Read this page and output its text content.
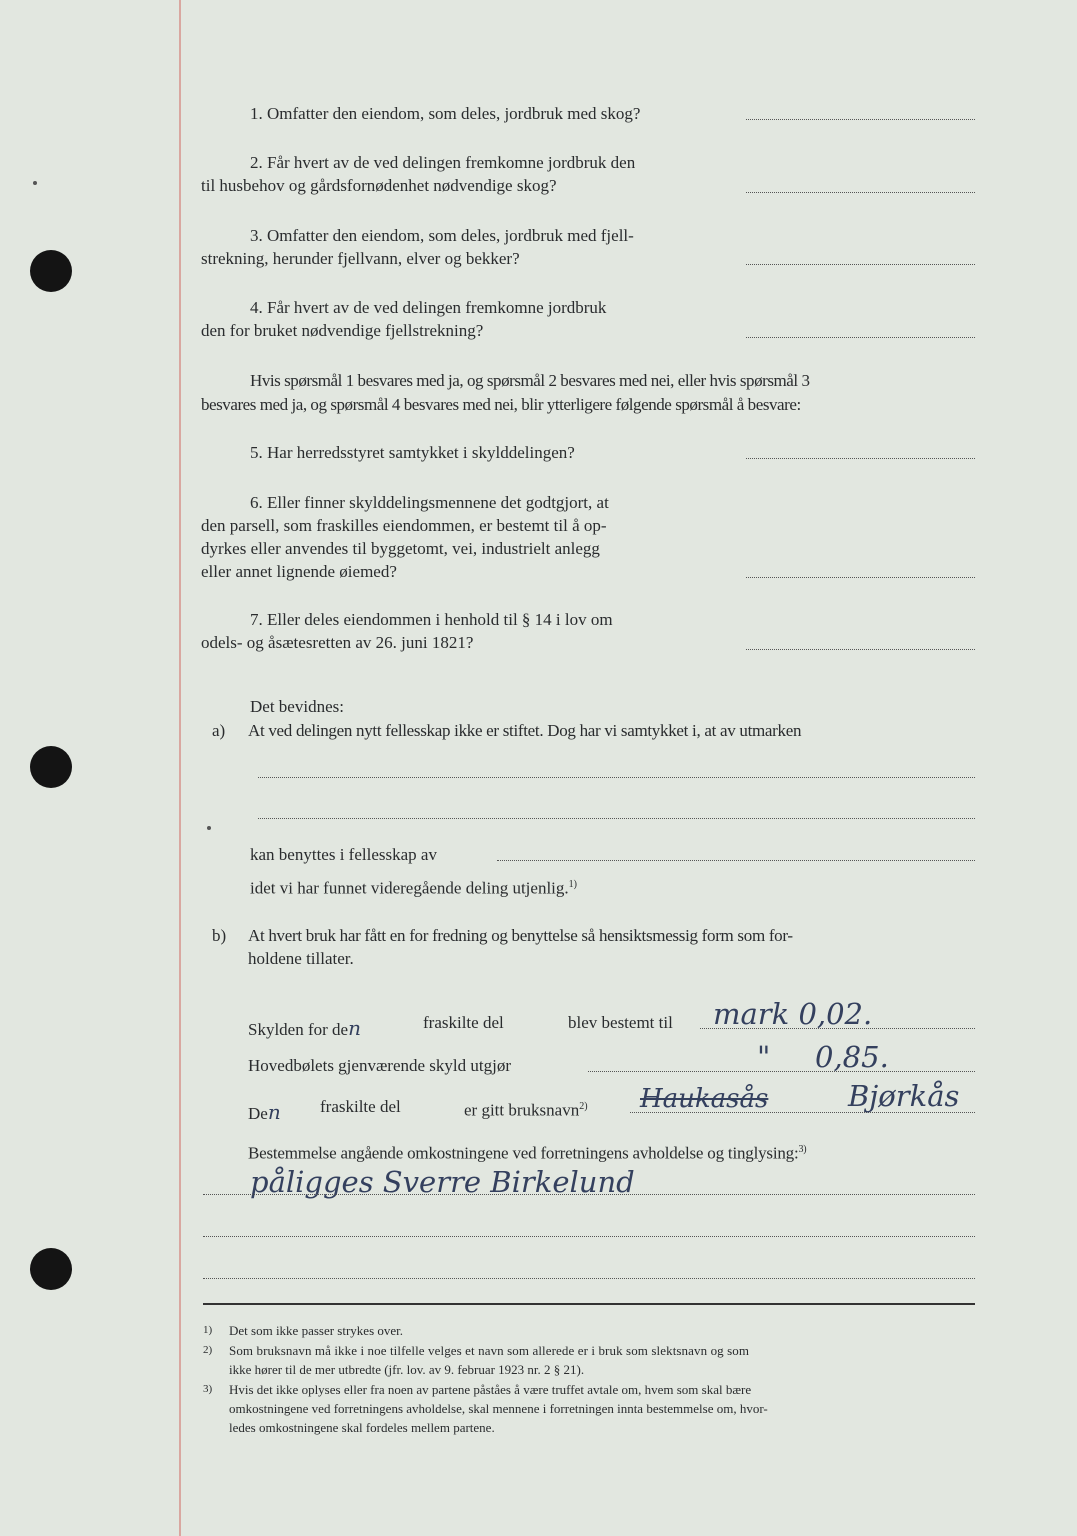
1. Omfatter den eiendom, som deles, jordbruk med skog?
2. Får hvert av de ved delingen fremkomne jordbruk den
til husbehov og gårdsfornødenhet nødvendige skog?
3. Omfatter den eiendom, som deles, jordbruk med fjell-
strekning, herunder fjellvann, elver og bekker?
4. Får hvert av de ved delingen fremkomne jordbruk
den for bruket nødvendige fjellstrekning?
Hvis spørsmål 1 besvares med ja, og spørsmål 2 besvares med nei, eller hvis spørsmål 3
besvares med ja, og spørsmål 4 besvares med nei, blir ytterligere følgende spørsmål å besvare:
5. Har herredsstyret samtykket i skylddelingen?
6. Eller finner skylddelingsmennene det godtgjort, at
den parsell, som fraskilles eiendommen, er bestemt til å op-
dyrkes eller anvendes til byggetomt, vei, industrielt anlegg
eller annet lignende øiemed?
7. Eller deles eiendommen i henhold til § 14 i lov om
odels- og åsætesretten av 26. juni 1821?
Det bevidnes:
a) At ved delingen nytt fellesskap ikke er stiftet. Dog har vi samtykket i, at av utmarken
kan benyttes i fellesskap av
idet vi har funnet videregående deling utjenlig.$^{1)}$
b) At hvert bruk har fått en for fredning og benyttelse så hensiktsmessig form som for-
holdene tillater.
Skylden for den	fraskilte del	blev bestemt til mark 0,02.
Hovedbølets gjenværende skyld utgjør	" 0,85.
Den fraskilte del	er gitt bruksnavn$^{2)}$ Haukasås	Bjørkås
Bestemmelse angående omkostningene ved forretningens avholdelse og tinglysing:$^{3)}$
påligges Sverre Birkelund
1) Det som ikke passer strykes over.
2) Som bruksnavn må ikke i noe tilfelle velges et navn som allerede er i bruk som slektsnavn og som
ikke hører til de mer utbredte (jfr. lov. av 9. februar 1923 nr. 2 § 21).
3) Hvis det ikke oplyses eller fra noen av partene påståes å være truffet avtale om, hvem som skal bære
omkostningene ved forretningens avholdelse, skal mennene i forretningen innta bestemmelse om, hvor-
ledes omkostningene skal fordeles mellem partene.
